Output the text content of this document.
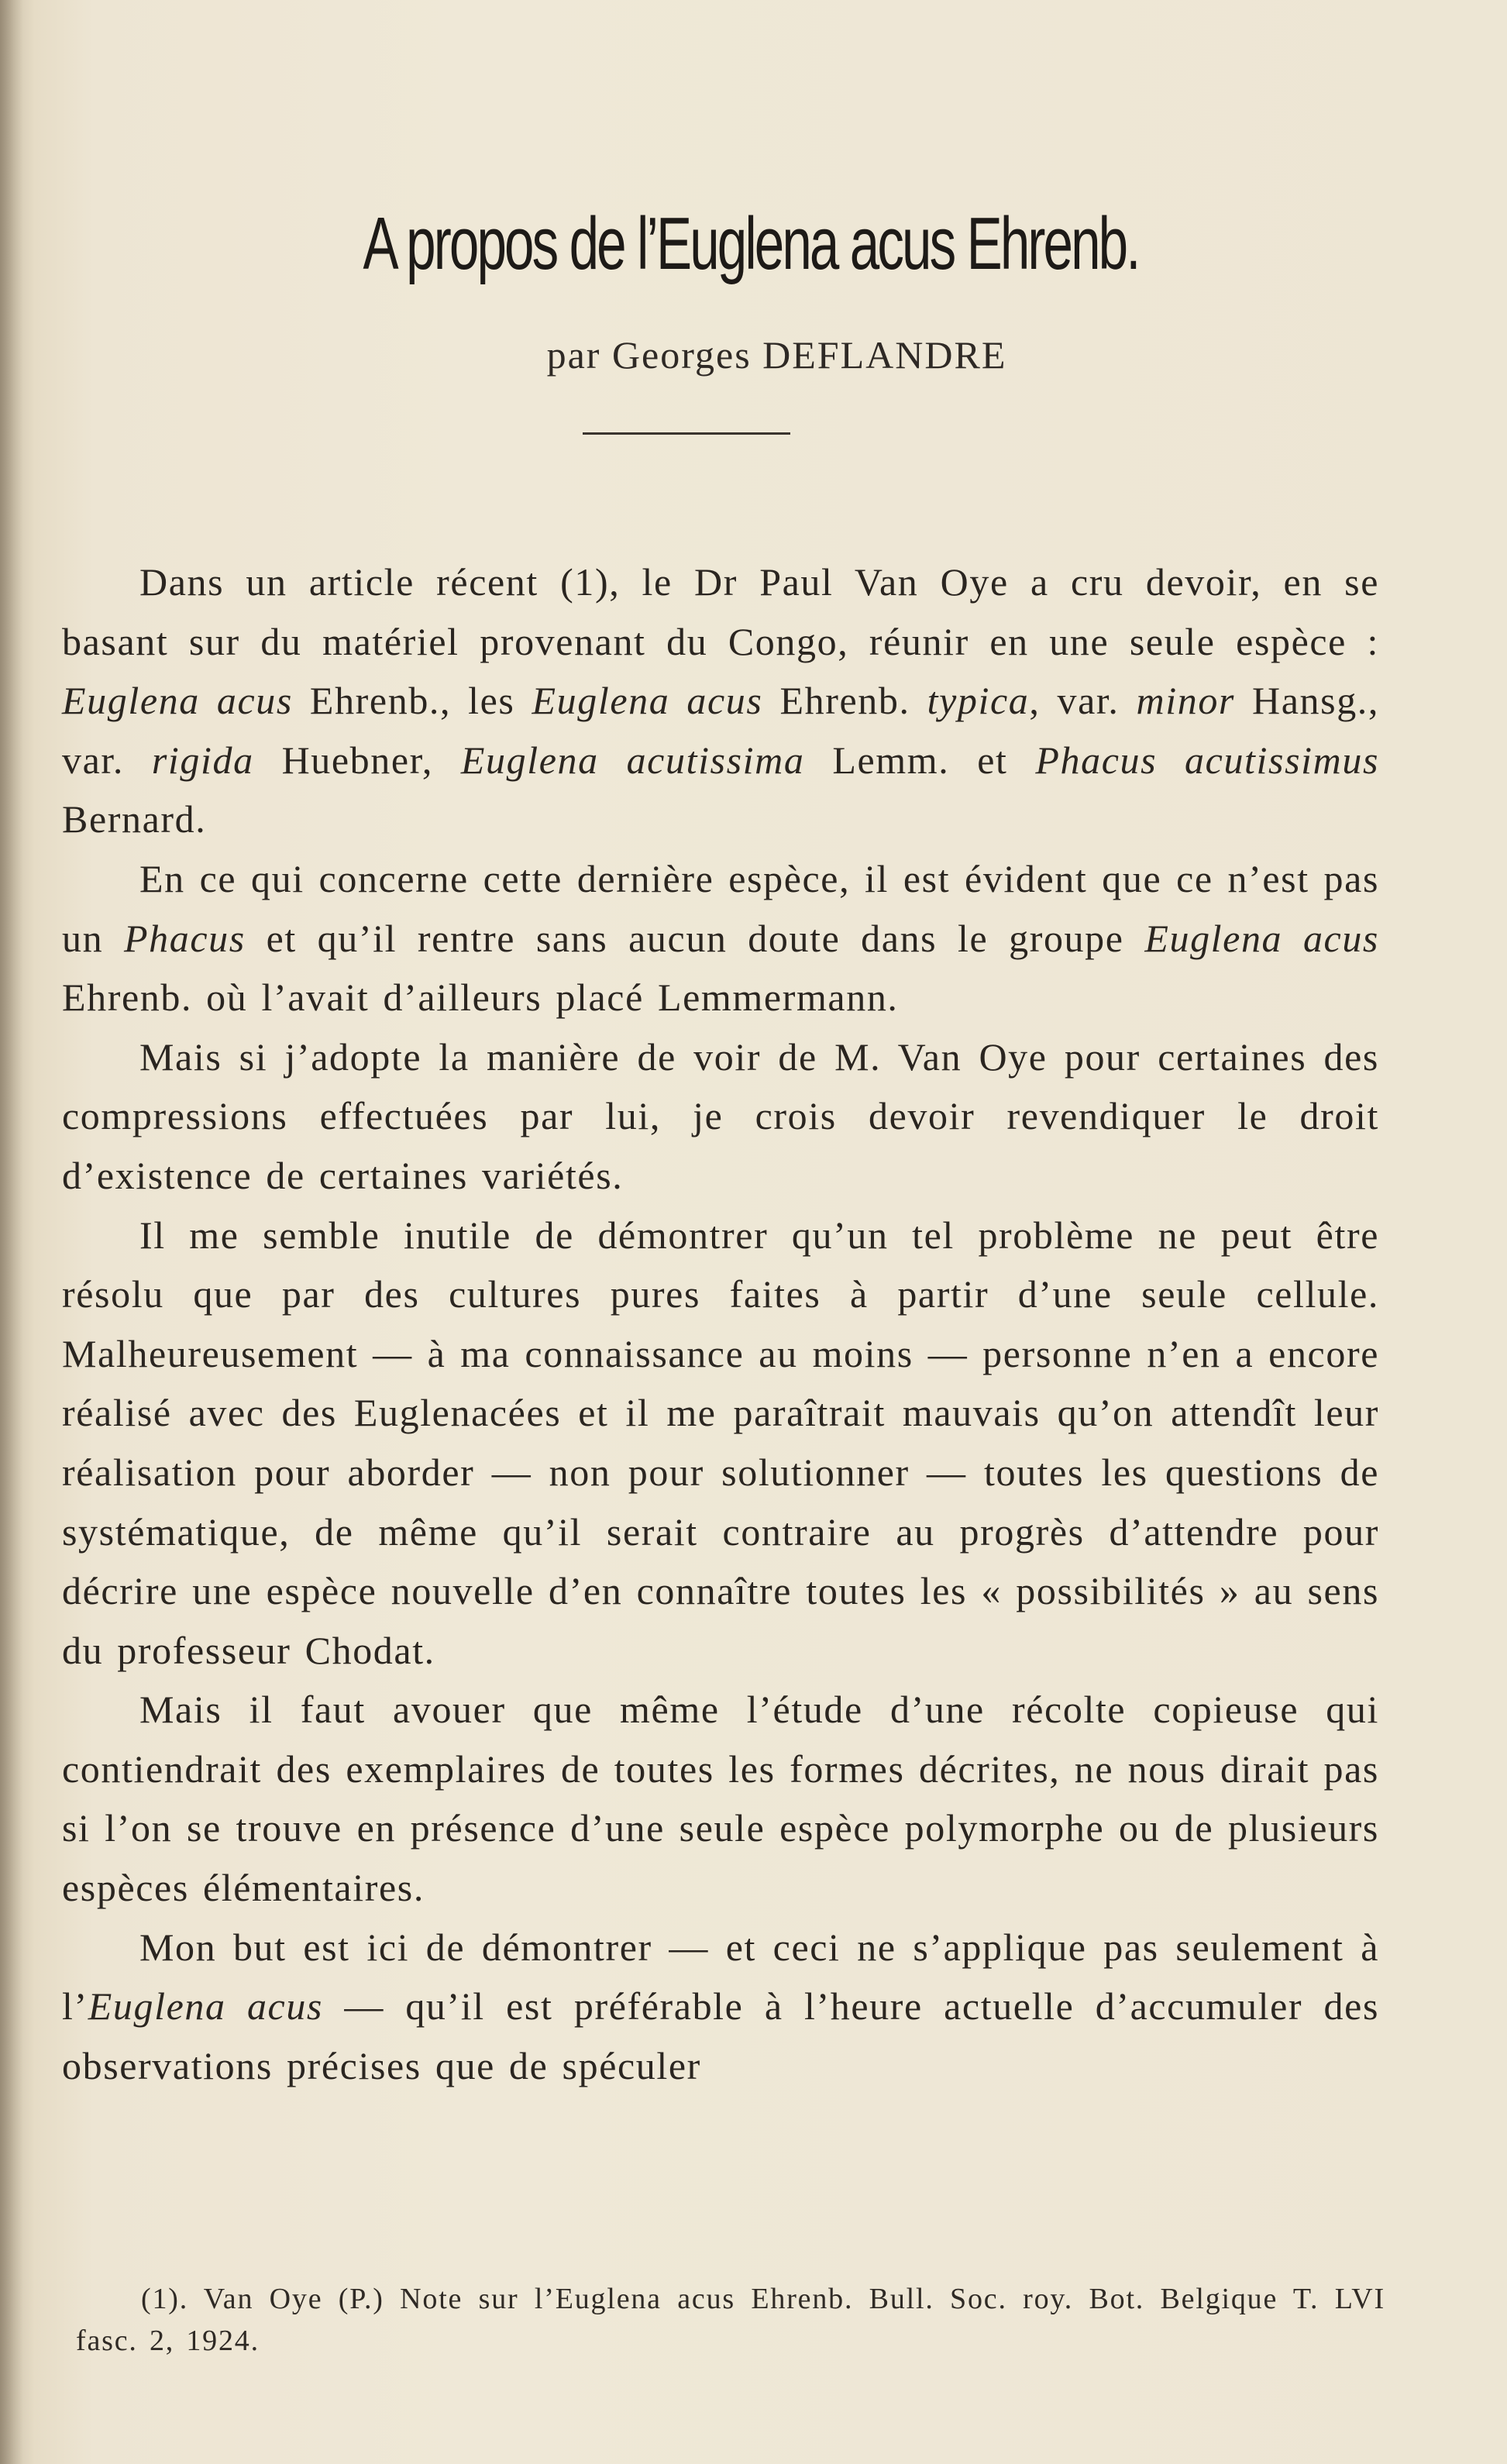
A propos de l’Euglena acus Ehrenb.
par Georges DEFLANDRE

Dans un article récent (1), le Dr Paul Van Oye a cru devoir, en se basant sur du matériel provenant du Congo, réunir en une seule espèce : Euglena acus Ehrenb., les Euglena acus Ehrenb. typica, var. minor Hansg., var. rigida Huebner, Euglena acutissima Lemm. et Phacus acutissimus Bernard.

En ce qui concerne cette dernière espèce, il est évident que ce n’est pas un Phacus et qu’il rentre sans aucun doute dans le groupe Euglena acus Ehrenb. où l’avait d’ailleurs placé Lemmermann.

Mais si j’adopte la manière de voir de M. Van Oye pour certaines des compressions effectuées par lui, je crois devoir revendiquer le droit d’existence de certaines variétés.

Il me semble inutile de démontrer qu’un tel problème ne peut être résolu que par des cultures pures faites à partir d’une seule cellule. Malheureusement — à ma connaissance au moins — personne n’en a encore réalisé avec des Euglenacées et il me paraîtrait mauvais qu’on attendît leur réalisation pour aborder — non pour solutionner — toutes les questions de systématique, de même qu’il serait contraire au progrès d’attendre pour décrire une espèce nouvelle d’en connaître toutes les « possibilités » au sens du professeur Chodat.

Mais il faut avouer que même l’étude d’une récolte copieuse qui contiendrait des exemplaires de toutes les formes décrites, ne nous dirait pas si l’on se trouve en présence d’une seule espèce polymorphe ou de plusieurs espèces élémentaires.

Mon but est ici de démontrer — et ceci ne s’applique pas seulement à l’Euglena acus — qu’il est préférable à l’heure actuelle d’accumuler des observations précises que de spéculer

(1). Van Oye (P.) Note sur l’Euglena acus Ehrenb. Bull. Soc. roy. Bot. Belgique T. LVI fasc. 2, 1924.
